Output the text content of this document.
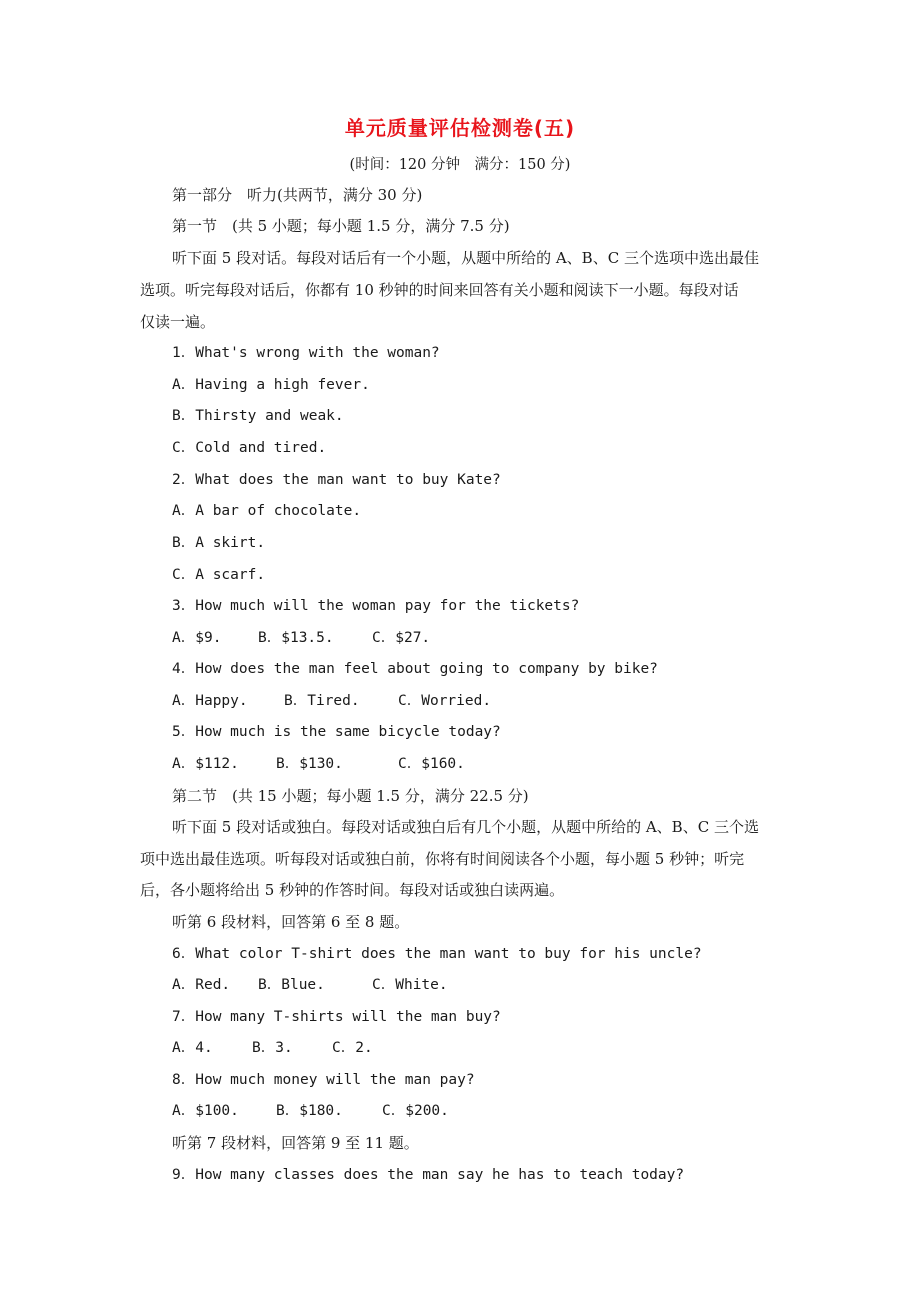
单元质量评估检测卷(五)
(时间：120 分钟　满分：150 分)
第一部分　听力(共两节，满分 30 分)
第一节　(共 5 小题；每小题 1.5 分，满分 7.5 分)
听下面 5 段对话。每段对话后有一个小题，从题中所给的 A、B、C 三个选项中选出最佳
选项。听完每段对话后，你都有 10 秒钟的时间来回答有关小题和阅读下一小题。每段对话
仅读一遍。
1．What's wrong with the woman?
A．Having a high fever.
B．Thirsty and weak.
C．Cold and tired.
2．What does the man want to buy Kate?
A．A bar of chocolate.
B．A skirt.
C．A scarf.
3．How much will the woman pay for the tickets?
A．$9.	B．$13.5.	C．$27.
4．How does the man feel about going to company by bike?
A．Happy.	B．Tired.	C．Worried.
5．How much is the same bicycle today?
A．$112.	B．$130.	C．$160.
第二节　(共 15 小题；每小题 1.5 分，满分 22.5 分)
听下面 5 段对话或独白。每段对话或独白后有几个小题，从题中所给的 A、B、C 三个选
项中选出最佳选项。听每段对话或独白前，你将有时间阅读各个小题，每小题 5 秒钟；听完
后，各小题将给出 5 秒钟的作答时间。每段对话或独白读两遍。
听第 6 段材料，回答第 6 至 8 题。
6．What color T-shirt does the man want to buy for his uncle?
A．Red. B．Blue.	C．White.
7．How many T-shirts will the man buy?
A．4.	B．3.	C．2.
8．How much money will the man pay?
A．$100.	B．$180.	C．$200.
听第 7 段材料，回答第 9 至 11 题。
9．How many classes does the man say he has to teach today?
